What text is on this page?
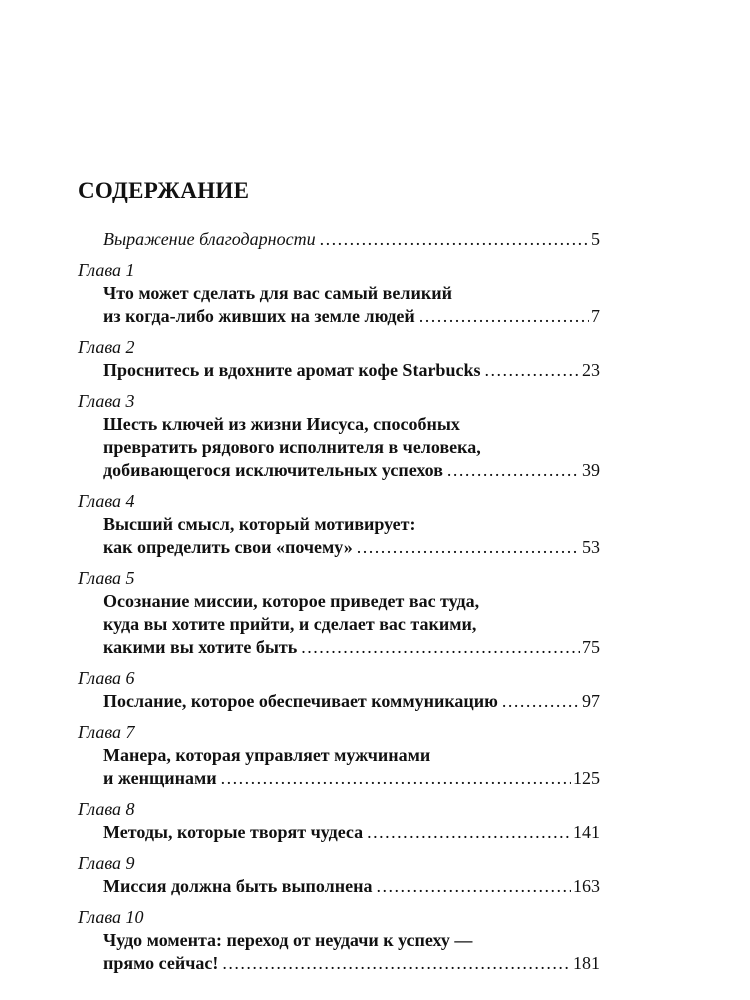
СОДЕРЖАНИЕ
Выражение благодарности .....	5
Глава 1
Что может сделать для вас самый великий
из когда-либо живших на земле людей .....	7
Глава 2
Проснитесь и вдохните аромат кофе Starbucks .....	23
Глава 3
Шесть ключей из жизни Иисуса, способных
превратить рядового исполнителя в человека,
добивающегося исключительных успехов .....	39
Глава 4
Высший смысл, который мотивирует:
как определить свои «почему» .....	53
Глава 5
Осознание миссии, которое приведет вас туда,
куда вы хотите прийти, и сделает вас такими,
какими вы хотите быть .....	75
Глава 6
Послание, которое обеспечивает коммуникацию .....	97
Глава 7
Манера, которая управляет мужчинами
и женщинами .....	125
Глава 8
Методы, которые творят чудеса .....	141
Глава 9
Миссия должна быть выполнена .....	163
Глава 10
Чудо момента: переход от неудачи к успеху —
прямо сейчас! .....	181
